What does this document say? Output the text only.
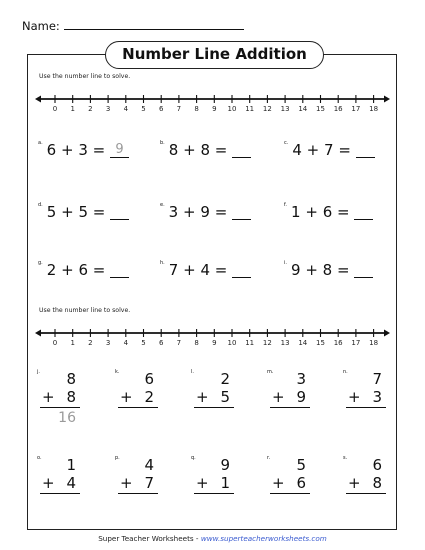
Name:
Number Line Addition
Use the number line to solve.
0 1 2 3 4 5 6 7 8 9 10 11 12 13 14 15 16 17 18
$^{a.}$ 6 + 3 = 9	$^{b.}$ 8 + 8 =	$^{c.}$ 4 + 7 =
$^{d.}$ 5 + 5 =	$^{e.}$ 3 + 9 =	$^{f.}$ 1 + 6 =
$^{g.}$ 2 + 6 =	$^{h.}$ 7 + 4 =	$^{i.}$ 9 + 8 =
Use the number line to solve.
0 1 2 3 4 5 6 7 8 9 10 11 12 13 14 15 16 17 18
j.	8
+ 8
16
k.	6
+ 2
l.	2
+ 5
m.	3
+ 9
n.	7
+ 3
o.	1
+ 4
p.	4
+ 7
q.	9
+ 1
r.	5
+ 6
s.	6
+ 8
Super Teacher Worksheets - www.superteacherworksheets.com
